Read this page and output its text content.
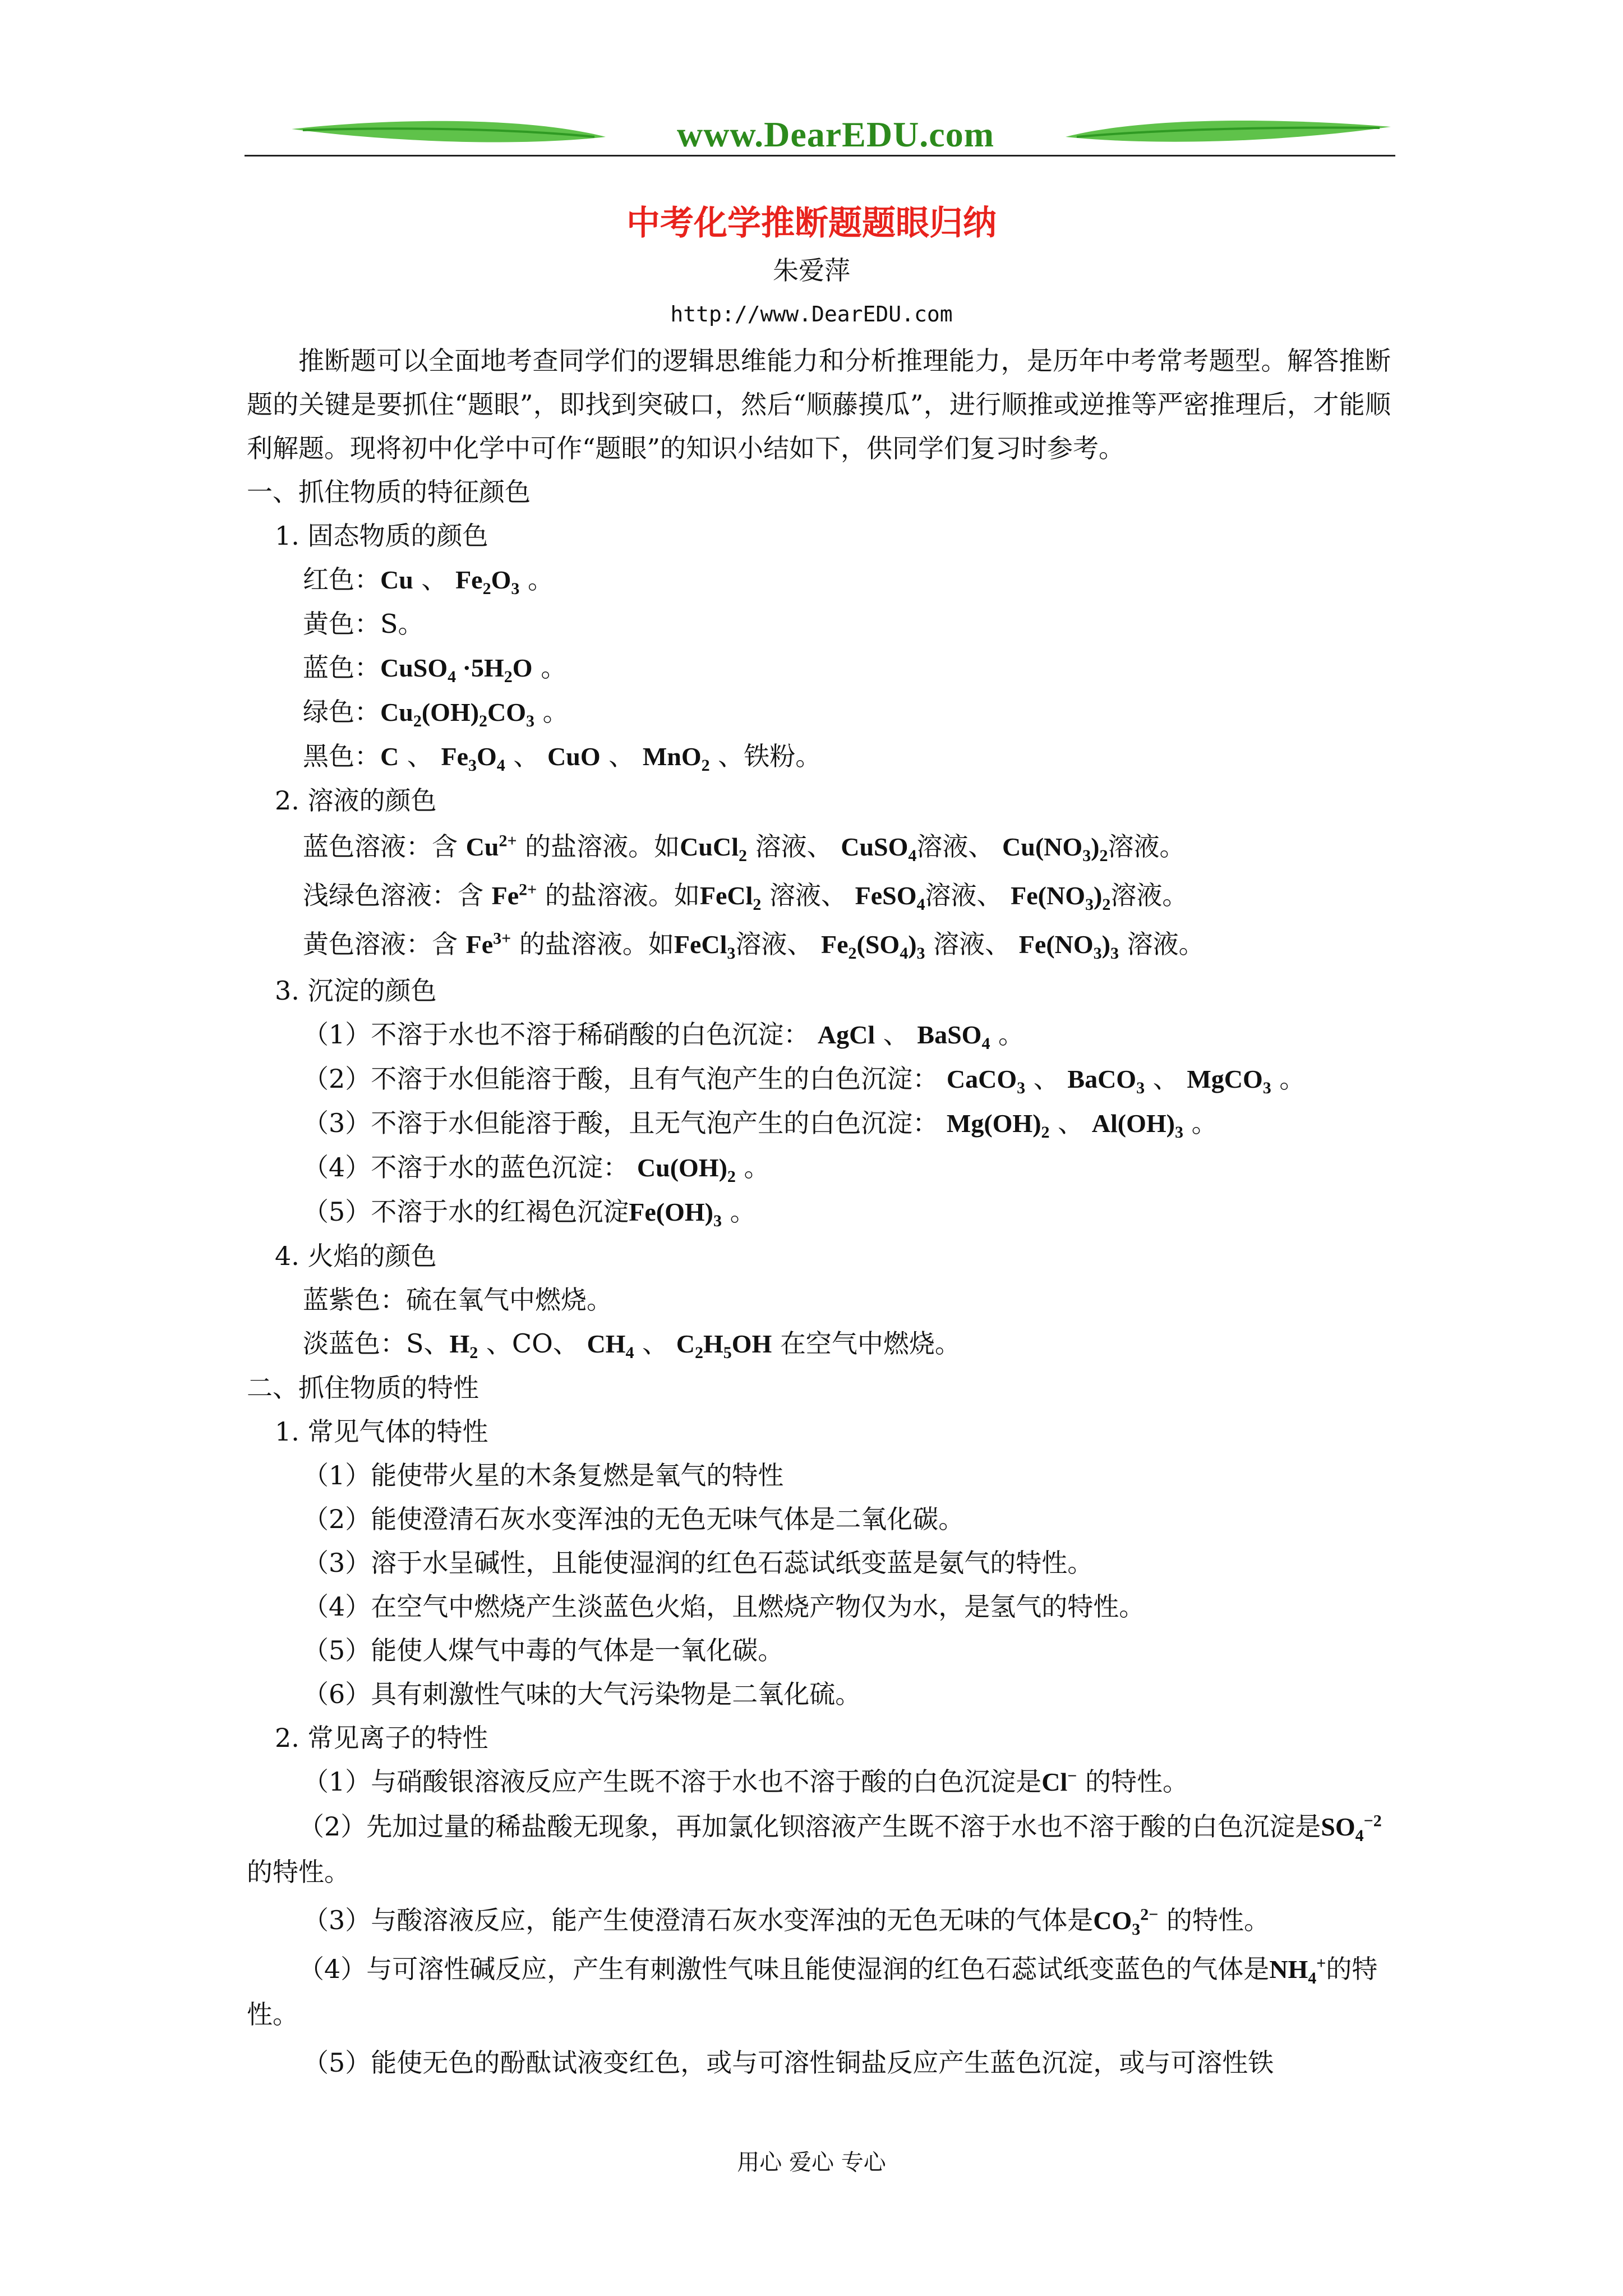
www.DearEDU.com
中考化学推断题题眼归纳
朱爱萍
http://www.DearEDU.com

推断题可以全面地考查同学们的逻辑思维能力和分析推理能力，是历年中考常考题型。解答推断题的关键是要抓住“题眼”，即找到突破口，然后“顺藤摸瓜”，进行顺推或逆推等严密推理后，才能顺利解题。现将初中化学中可作“题眼”的知识小结如下，供同学们复习时参考。

一、抓住物质的特征颜色

1. 固态物质的颜色

红色：Cu 、 $Fe_2O_3$ 。

黄色：S。

蓝色：CuSO$_4$ $\cdot 5H_2O$ 。

绿色：$Cu_2(OH)_2CO_3$ 。

黑色：C 、 $Fe_3O_4$ 、 CuO 、 MnO$_2$ 、铁粉。

2. 溶液的颜色

蓝色溶液：含 $Cu^{2+}$ 的盐溶液。如CuCl$_2$ 溶液、 CuSO$_4$溶液、 $Cu(NO_3)_2$溶液。

浅绿色溶液：含 $Fe^{2+}$ 的盐溶液。如FeCl$_2$ 溶液、 FeSO$_4$溶液、 $Fe(NO_3)_2$溶液。

黄色溶液：含 $Fe^{3+}$ 的盐溶液。如FeCl$_3$溶液、 $Fe_2(SO_4)_3$ 溶液、 $Fe(NO_3)_3$ 溶液。

3. 沉淀的颜色

（1）不溶于水也不溶于稀硝酸的白色沉淀： AgCl 、 BaSO$_4$ 。

（2）不溶于水但能溶于酸，且有气泡产生的白色沉淀： CaCO$_3$ 、 BaCO$_3$ 、 MgCO$_3$ 。

（3）不溶于水但能溶于酸，且无气泡产生的白色沉淀： $Mg(OH)_2$ 、 $Al(OH)_3$ 。

（4）不溶于水的蓝色沉淀： $Cu(OH)_2$ 。

（5）不溶于水的红褐色沉淀$Fe(OH)_3$ 。

4. 火焰的颜色

蓝紫色：硫在氧气中燃烧。

淡蓝色：S、$H_2$ 、CO、 $CH_4$ 、 $C_2H_5OH$ 在空气中燃烧。

二、抓住物质的特性

1. 常见气体的特性

（1）能使带火星的木条复燃是氧气的特性

（2）能使澄清石灰水变浑浊的无色无味气体是二氧化碳。

（3）溶于水呈碱性，且能使湿润的红色石蕊试纸变蓝是氨气的特性。

（4）在空气中燃烧产生淡蓝色火焰，且燃烧产物仅为水，是氢气的特性。

（5）能使人煤气中毒的气体是一氧化碳。

（6）具有刺激性气味的大气污染物是二氧化硫。

2. 常见离子的特性

（1）与硝酸银溶液反应产生既不溶于水也不溶于酸的白色沉淀是Cl− 的特性。

（2）先加过量的稀盐酸无现象，再加氯化钡溶液产生既不溶于水也不溶于酸的白色沉淀是$SO_4^{-2}$ 的特性。

（3）与酸溶液反应，能产生使澄清石灰水变浑浊的无色无味的气体是$CO_3^{2-}$ 的特性。

（4）与可溶性碱反应，产生有刺激性气味且能使湿润的红色石蕊试纸变蓝色的气体是$NH_4^+$的特性。

（5）能使无色的酚酞试液变红色，或与可溶性铜盐反应产生蓝色沉淀，或与可溶性铁

用心 爱心 专心
